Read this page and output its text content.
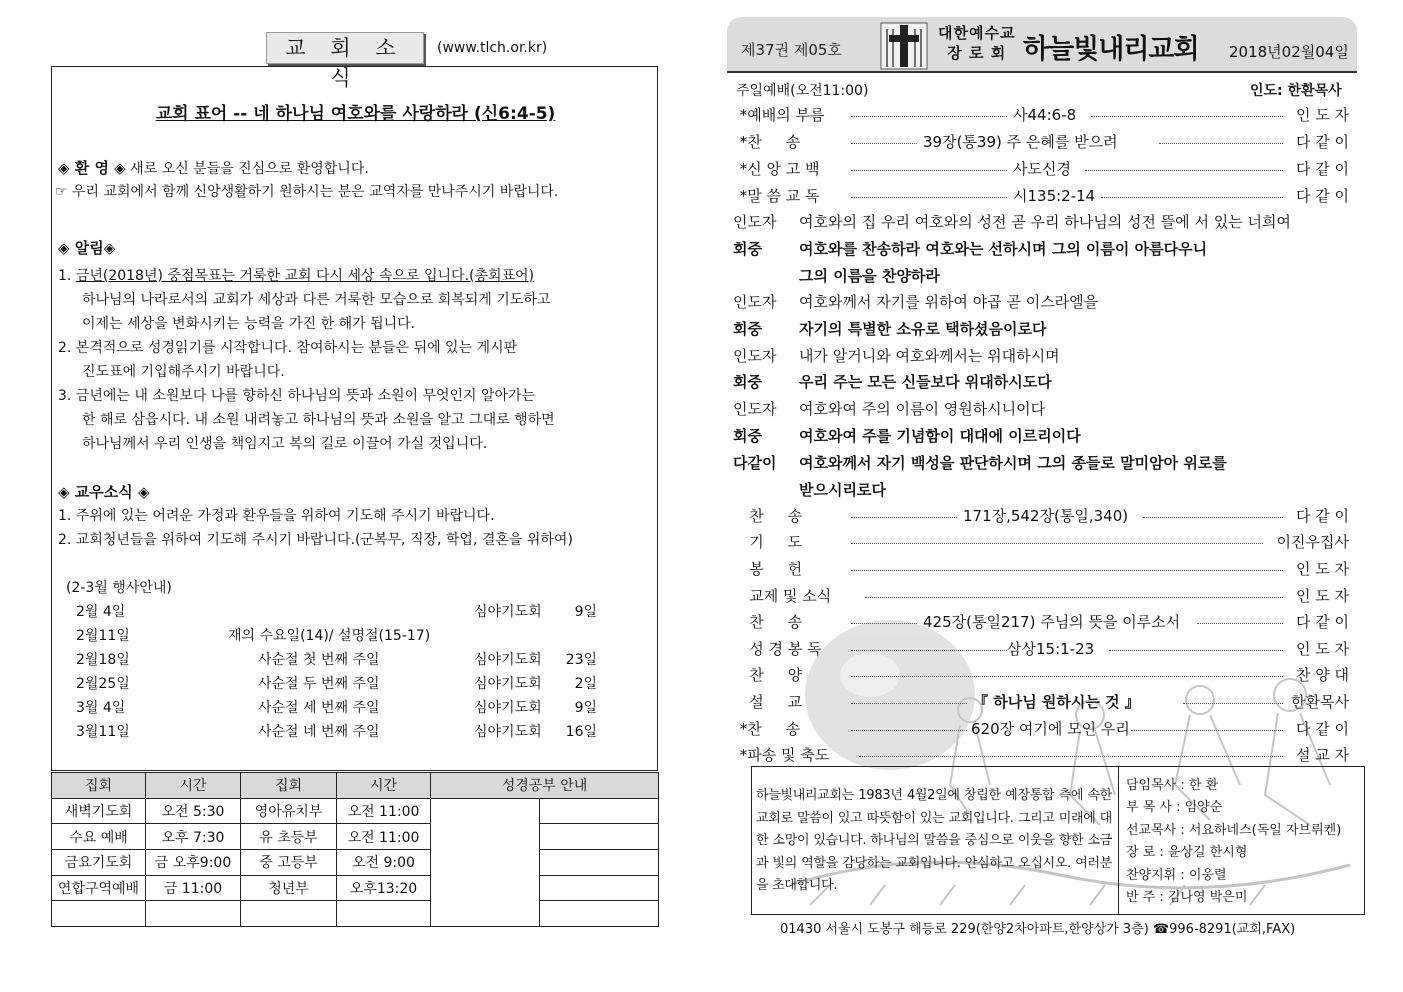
교 회 소 식
(www.tlch.or.kr)
교회 표어 -- 네 하나님 여호와를 사랑하라 (신6:4-5)
◈ 환 영 ◈ 새로 오신 분들을 진심으로 환영합니다.
☞ 우리 교회에서 함께 신앙생활하기 원하시는 분은 교역자를 만나주시기 바랍니다.
◈ 알림◈
1. 금년(2018년) 중점목표는 거룩한 교회 다시 세상 속으로 입니다.(총회표어)
하나님의 나라로서의 교회가 세상과 다른 거룩한 모습으로 회복되게 기도하고
이제는 세상을 변화시키는 능력을 가진 한 해가 됩니다.
2. 본격적으로 성경읽기를 시작합니다. 참여하시는 분들은 뒤에 있는 게시판
진도표에 기입해주시기 바랍니다.
3. 금년에는 내 소원보다 나를 향하신 하나님의 뜻과 소원이 무엇인지 알아가는
한 해로 삼읍시다. 내 소원 내려놓고 하나님의 뜻과 소원을 알고 그대로 행하면
하나님께서 우리 인생을 책임지고 복의 길로 이끌어 가실 것입니다.
◈ 교우소식 ◈
1. 주위에 있는 어려운 가정과 환우들을 위하여 기도해 주시기 바랍니다.
2. 교회청년들을 위하여 기도해 주시기 바랍니다.(군복무, 직장, 학업, 결혼을 위하여)
(2-3월 행사안내)
2월 4일	심야기도회	9일
2월11일	재의 수요일(14)/ 설명절(15-17)
2월18일	사순절 첫 번째 주일	심야기도회	23일
2월25일	사순절 두 번째 주일	심야기도회	2일
3월 4일	사순절 세 번째 주일	심야기도회	9일
3월11일	사순절 네 번째 주일	심야기도회	16일
집회	시간	집회	시간	성경공부 안내	
새벽기도회	오전 5:30	영아유치부	오전 11:00		
수요 예배	오후 7:30	유 초등부	오전 11:00		
금요기도회	금 오후9:00	중 고등부	오전 9:00		
연합구역예배	금 11:00	청년부	오후13:20		

제37권 제05호
대한예수교
장 로 회 하늘빛내리교회 2018년02월04일
주일예배(오전11:00)	인도: 한환목사
*예배의 부름	사44:6-8	인 도 자
*찬     송	39장(통39) 주 은혜를 받으려	다 같 이
*신 앙 고 백	사도신경	다 같 이
*말 씀 교 독	시135:2-14	다 같 이
인도자 여호와의 집 우리 여호와의 성전 곧 우리 하나님의 성전 뜰에 서 있는 너희여
회중 여호와를 찬송하라 여호와는 선하시며 그의 이름이 아름다우니
그의 이름을 찬양하라
인도자 여호와께서 자기를 위하여 야곱 곧 이스라엘을
회중 자기의 특별한 소유로 택하셨음이로다
인도자 내가 알거니와 여호와께서는 위대하시며
회중 우리 주는 모든 신들보다 위대하시도다
인도자 여호와여 주의 이름이 영원하시니이다
회중 여호와여 주를 기념함이 대대에 이르리이다
다같이 여호와께서 자기 백성을 판단하시며 그의 종들로 말미암아 위로를
받으시리로다
찬     송	171장,542장(통일,340)	다 같 이
기     도	이진우집사
봉     헌	인 도 자
교제 및 소식	인 도 자
찬     송	425장(통일217) 주님의 뜻을 이루소서	다 같 이
성 경 봉 독	삼상15:1-23	인 도 자
찬     양	찬 양 대
설     교	『 하나님 원하시는 것 』	한환목사
*찬     송	620장 여기에 모인 우리	다 같 이
*파송 및 축도	설 교 자
하늘빛내리교회는 1983년 4월2일에 창립한 예장통합 측에 속한 교회로 말씀이 있고 따뜻함이 있는 교회입니다. 그리고 미래에 대한 소망이 있습니다. 하나님의 말씀을 중심으로 이웃을 향한 소금과 빛의 역할을 감당하는 교회입니다. 안심하고 오십시오. 여러분을 초대합니다.
담임목사 : 한 환
부 목 사 : 임양순
선교목사 : 서요하네스(독일 자브뤼켄)
장 로 : 윤상길 한시형
찬양지휘 : 이웅렬
반 주 : 김나영 박은미
01430 서울시 도봉구 해등로 229(한양2차아파트,한양상가 3층) ☎996-8291(교회,FAX)
